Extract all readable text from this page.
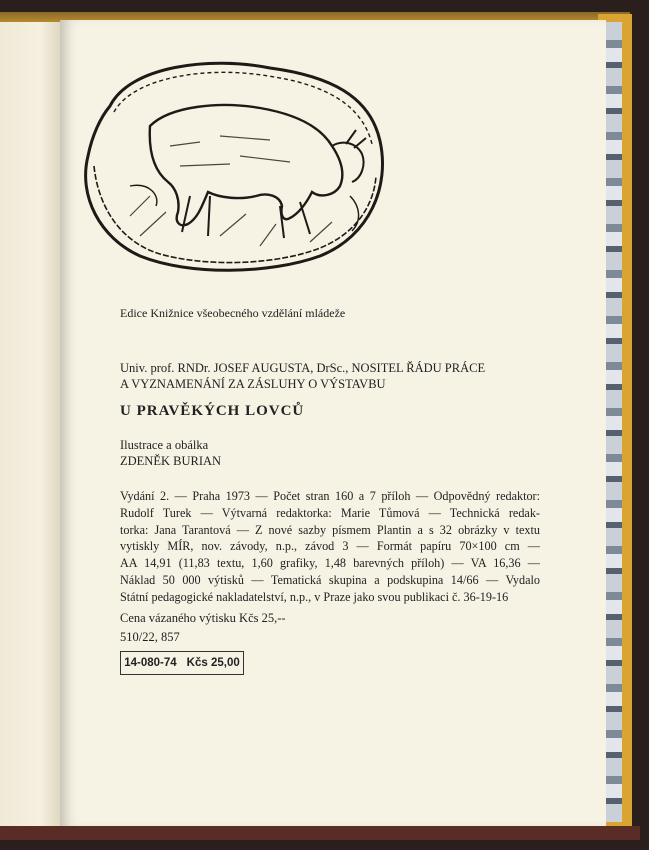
Edice Knižnice všeobecného vzdělání mládeže
Univ. prof. RNDr. JOSEF AUGUSTA, DrSc., NOSITEL ŘÁDU PRÁCE
A VYZNAMENÁNÍ ZA ZÁSLUHY O VÝSTAVBU
U PRAVĚKÝCH LOVCŮ
Ilustrace a obálka
ZDENĚK BURIAN
Vydání 2. — Praha 1973 — Počet stran 160 a 7 příloh — Odpovědný redaktor:
Rudolf Turek — Výtvarná redaktorka: Marie Tůmová — Technická redak-
torka: Jana Tarantová — Z nové sazby písmem Plantin a s 32 obrázky v textu
vytiskly MÍR, nov. závody, n.p., závod 3 — Formát papíru 70×100 cm —
AA 14,91 (11,83 textu, 1,60 grafiky, 1,48 barevných příloh) — VA 16,36 —
Náklad 50 000 výtisků — Tematická skupina a podskupina 14/66 — Vydalo
Státní pedagogické nakladatelství, n.p., v Praze jako svou publikaci č. 36-19-16
Cena vázaného výtisku Kčs 25,--
510/22, 857
14-080-74 Kčs 25,00
